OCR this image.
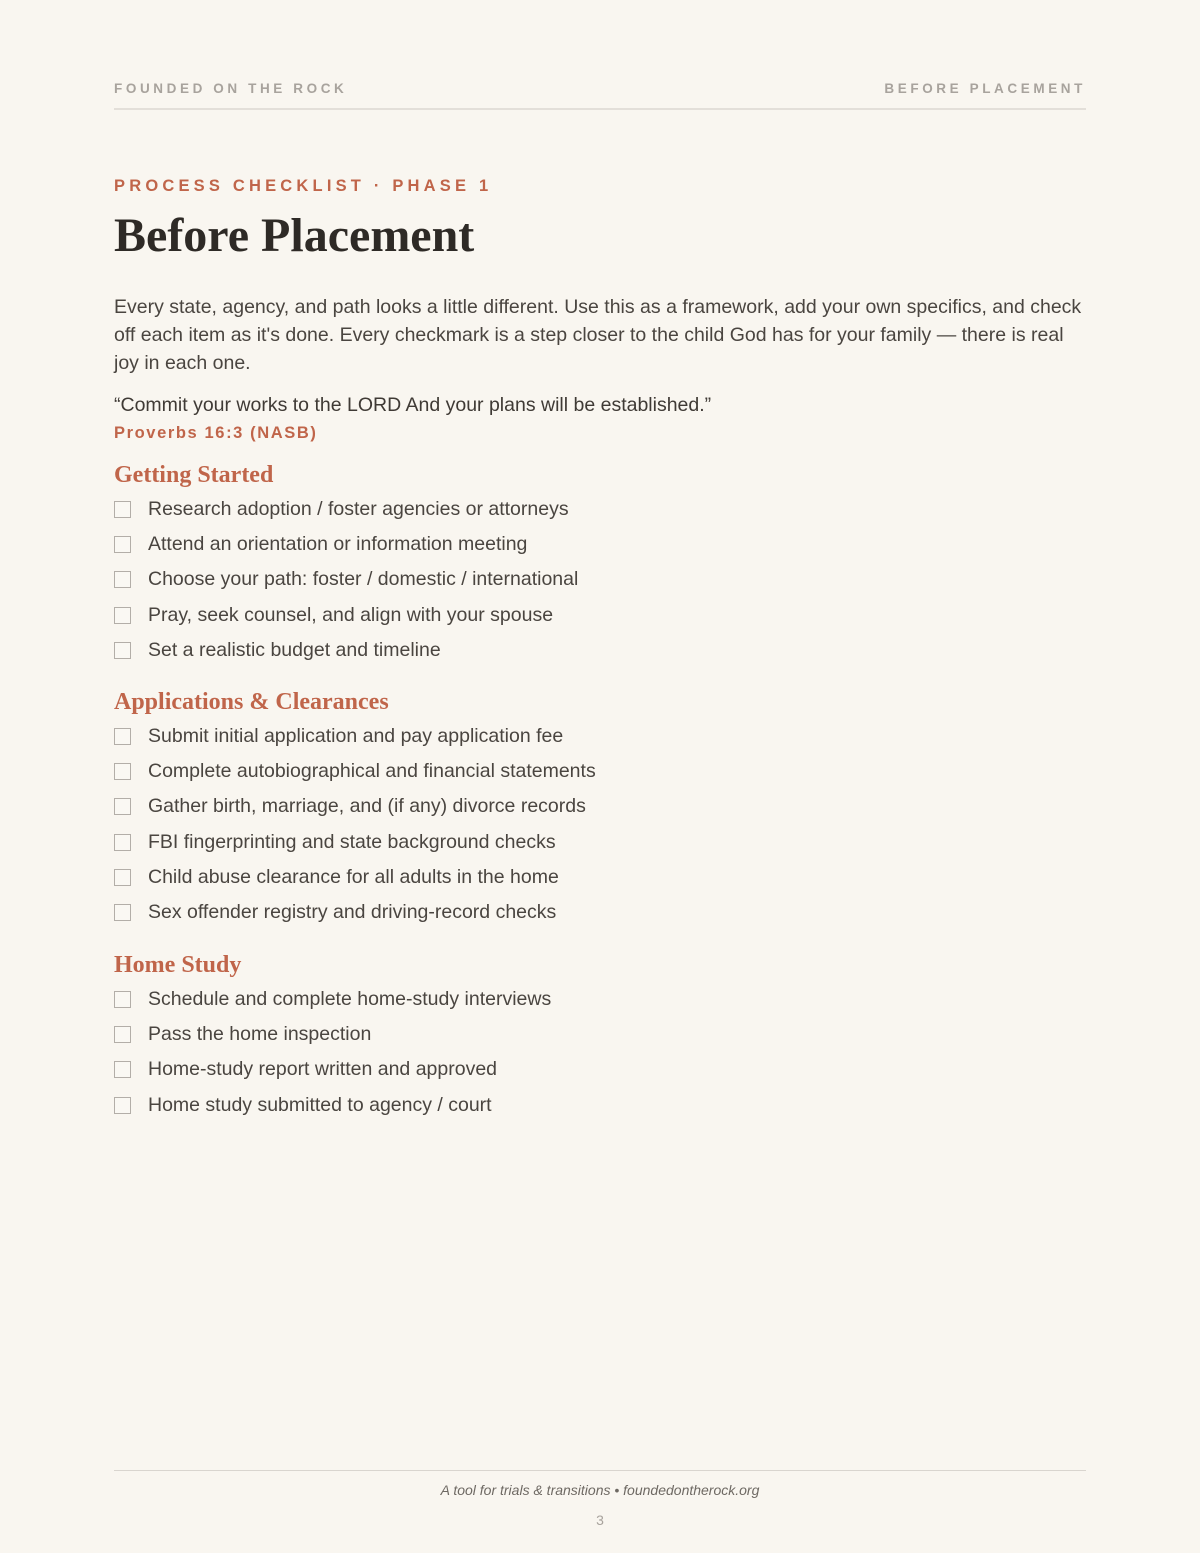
FOUNDED ON THE ROCK	BEFORE PLACEMENT
PROCESS CHECKLIST · PHASE 1
Before Placement

Every state, agency, and path looks a little different. Use this as a framework, add your own specifics, and check off each item as it's done. Every checkmark is a step closer to the child God has for your family — there is real joy in each one.

“Commit your works to the LORD And your plans will be established.”

Proverbs 16:3 (NASB)
Getting Started
Research adoption / foster agencies or attorneys
Attend an orientation or information meeting
Choose your path: foster / domestic / international
Pray, seek counsel, and align with your spouse
Set a realistic budget and timeline
Applications & Clearances
Submit initial application and pay application fee
Complete autobiographical and financial statements
Gather birth, marriage, and (if any) divorce records
FBI fingerprinting and state background checks
Child abuse clearance for all adults in the home
Sex offender registry and driving-record checks
Home Study
Schedule and complete home-study interviews
Pass the home inspection
Home-study report written and approved
Home study submitted to agency / court
A tool for trials & transitions • foundedontherock.org
3
